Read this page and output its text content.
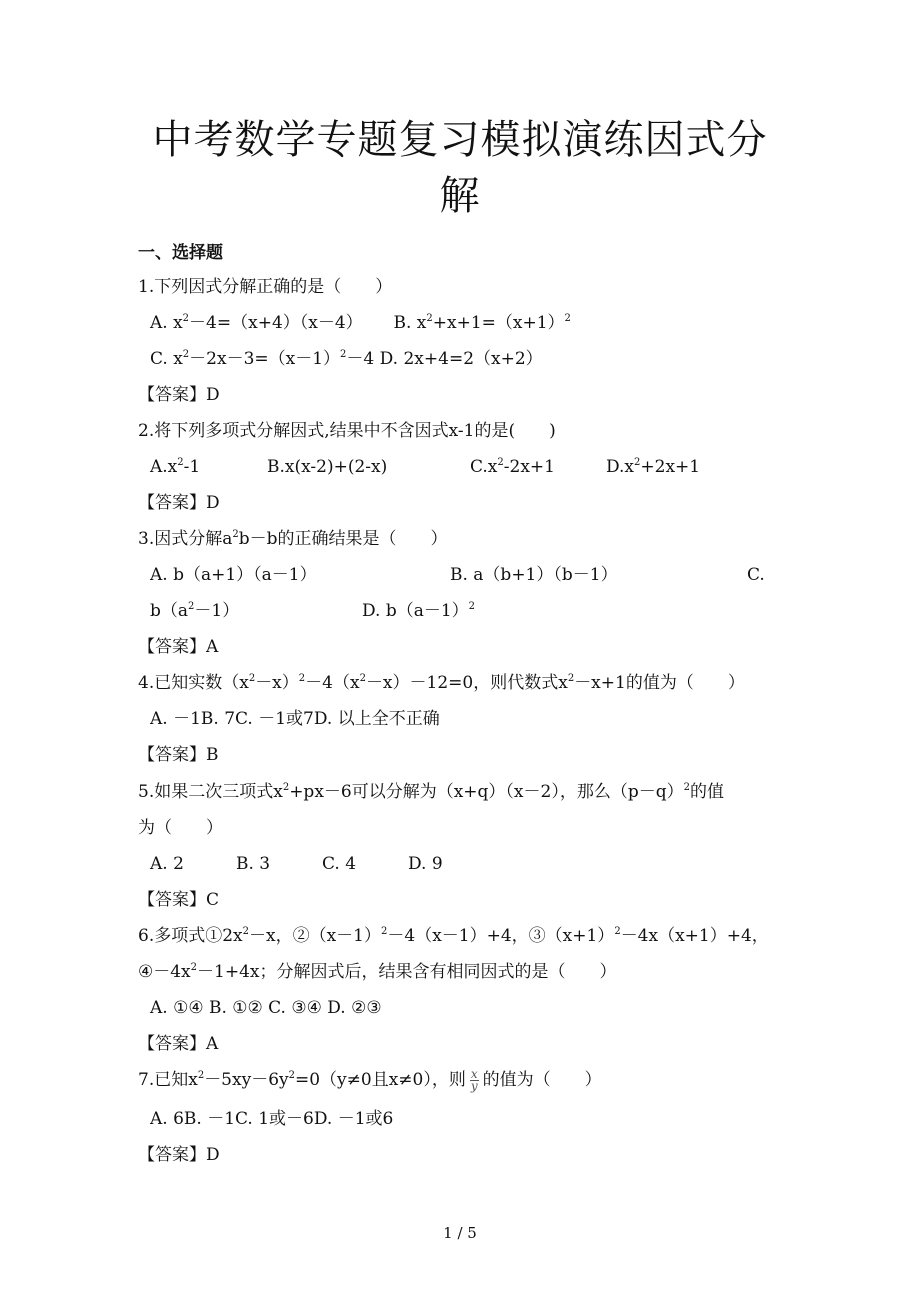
中考数学专题复习模拟演练因式分
解
一、选择题
1.下列因式分解正确的是（　　）
A. $x^2-4=(x+4)(x-4)$ B. $x^2+x+1=(x+1)^2$
C. $x^2-2x-3=(x-1)^2-4$ D. 2x+4=2（x+2）
【答案】D
2.将下列多项式分解因式,结果中不含因式x-1的是(　　)
$A.x^2-1$	B.x(x-2)+(2-x)	$C.x^2-2x+1$	$D.x^2+2x+1$
【答案】D
3.因式分解$a^2b-b$的正确结果是（　　）
A. b（a+1）（a－1）	B. a（b+1）（b－1）	C.
$b(a^2-1)$	D. $b(a-1)^2$
【答案】A
4.已知实数$(x^2-x)^2-4(x^2-x)-12=0$，则代数式$x^2-x+1$的值为（　　）
A. －1B. 7C. －1或7D. 以上全不正确
【答案】B
5.如果二次三项式$x^2+px-6$可以分解为（x+q）（x－2），那么$(p-q)^2$的值
为（　　）
A. 2	B. 3	C. 4	D. 9
【答案】C
6.多项式$①2x^2-x$，$②(x-1)^2-4(x-1)+4$，$③(x+1)^2-4x(x+1)+4$，
$④-4x^2-1+4x$；分解因式后，结果含有相同因式的是（　　）
A. ①④ B. ①② C. ③④ D. ②③
【答案】A
7.已知$x^2-5xy-6y^2=0(y\ne 0$且x≠0），则 $\frac{x}{y}$ 的值为（　　）
A. 6B. －1C. 1或－6D. －1或6
【答案】D
1 / 5
